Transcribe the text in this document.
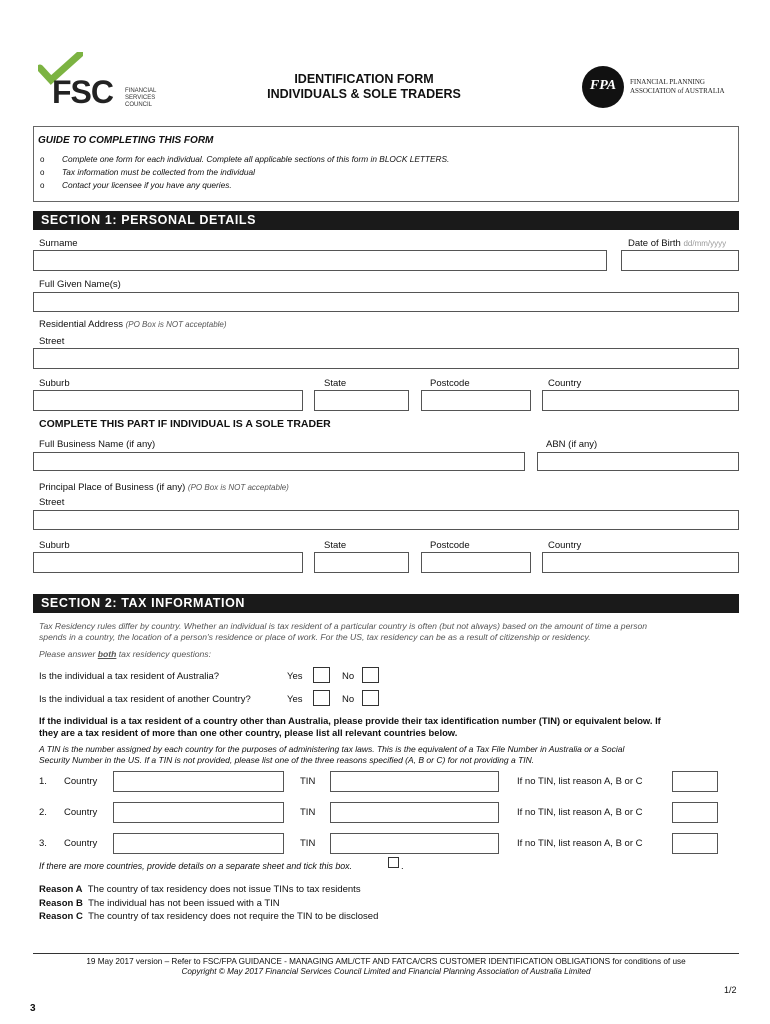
FSC FINANCIAL
SERVICES
COUNCIL
IDENTIFICATION FORM
INDIVIDUALS & SOLE TRADERS
FPA	FINANCIAL PLANNING
ASSOCIATION of AUSTRALIA
GUIDE TO COMPLETING THIS FORM
o
o
o
Complete one form for each individual. Complete all applicable sections of this form in BLOCK LETTERS.
Tax information must be collected from the individual
Contact your licensee if you have any queries.
SECTION 1: PERSONAL DETAILS
Surname	Date of Birth dd/mm/yyyy
Full Given Name(s)
Residential Address (PO Box is NOT acceptable)
Street
Suburb	State	Postcode	Country
COMPLETE THIS PART IF INDIVIDUAL IS A SOLE TRADER
Full Business Name (if any)	ABN (if any)
Principal Place of Business (if any) (PO Box is NOT acceptable)
Street
Suburb	State	Postcode	Country
SECTION 2: TAX INFORMATION
Tax Residency rules differ by country. Whether an individual is tax resident of a particular country is often (but not always) based on the amount of time a person
spends in a country, the location of a person's residence or place of work. For the US, tax residency can be as a result of citizenship or residency.
Please answer both tax residency questions:
Is the individual a tax resident of Australia?	Yes	No
Is the individual a tax resident of another Country?	Yes	No
If the individual is a tax resident of a country other than Australia, please provide their tax identification number (TIN) or equivalent below. If
they are a tax resident of more than one other country, please list all relevant countries below.
A TIN is the number assigned by each country for the purposes of administering tax laws. This is the equivalent of a Tax File Number in Australia or a Social
Security Number in the US. If a TIN is not provided, please list one of the three reasons specified (A, B or C) for not providing a TIN.
1. Country	TIN	If no TIN, list reason A, B or C
2. Country	TIN	If no TIN, list reason A, B or C
3. Country	TIN	If no TIN, list reason A, B or C
If there are more countries, provide details on a separate sheet and tick this box.	.
Reason A The country of tax residency does not issue TINs to tax residents
Reason B The individual has not been issued with a TIN
Reason C The country of tax residency does not require the TIN to be disclosed
19 May 2017 version – Refer to FSC/FPA GUIDANCE - MANAGING AML/CTF AND FATCA/CRS CUSTOMER IDENTIFICATION OBLIGATIONS for conditions of use
Copyright © May 2017 Financial Services Council Limited and Financial Planning Association of Australia Limited
1/2
3
